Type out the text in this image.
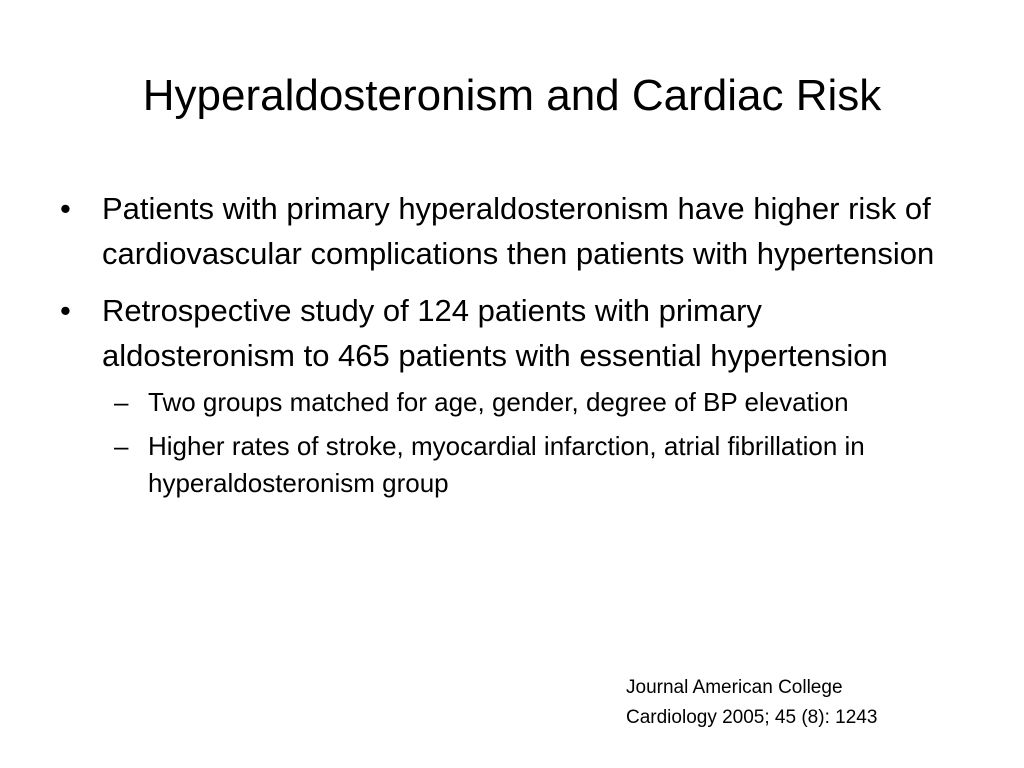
Hyperaldosteronism and Cardiac Risk
•	Patients with primary hyperaldosteronism have higher risk of cardiovascular complications then patients with hypertension
•	Retrospective study of 124 patients with primary aldosteronism to 465 patients with essential hypertension
– Two groups matched for age, gender, degree of BP elevation
– Higher rates of stroke, myocardial infarction, atrial fibrillation in hyperaldosteronism group
Journal American College
Cardiology 2005; 45 (8): 1243
